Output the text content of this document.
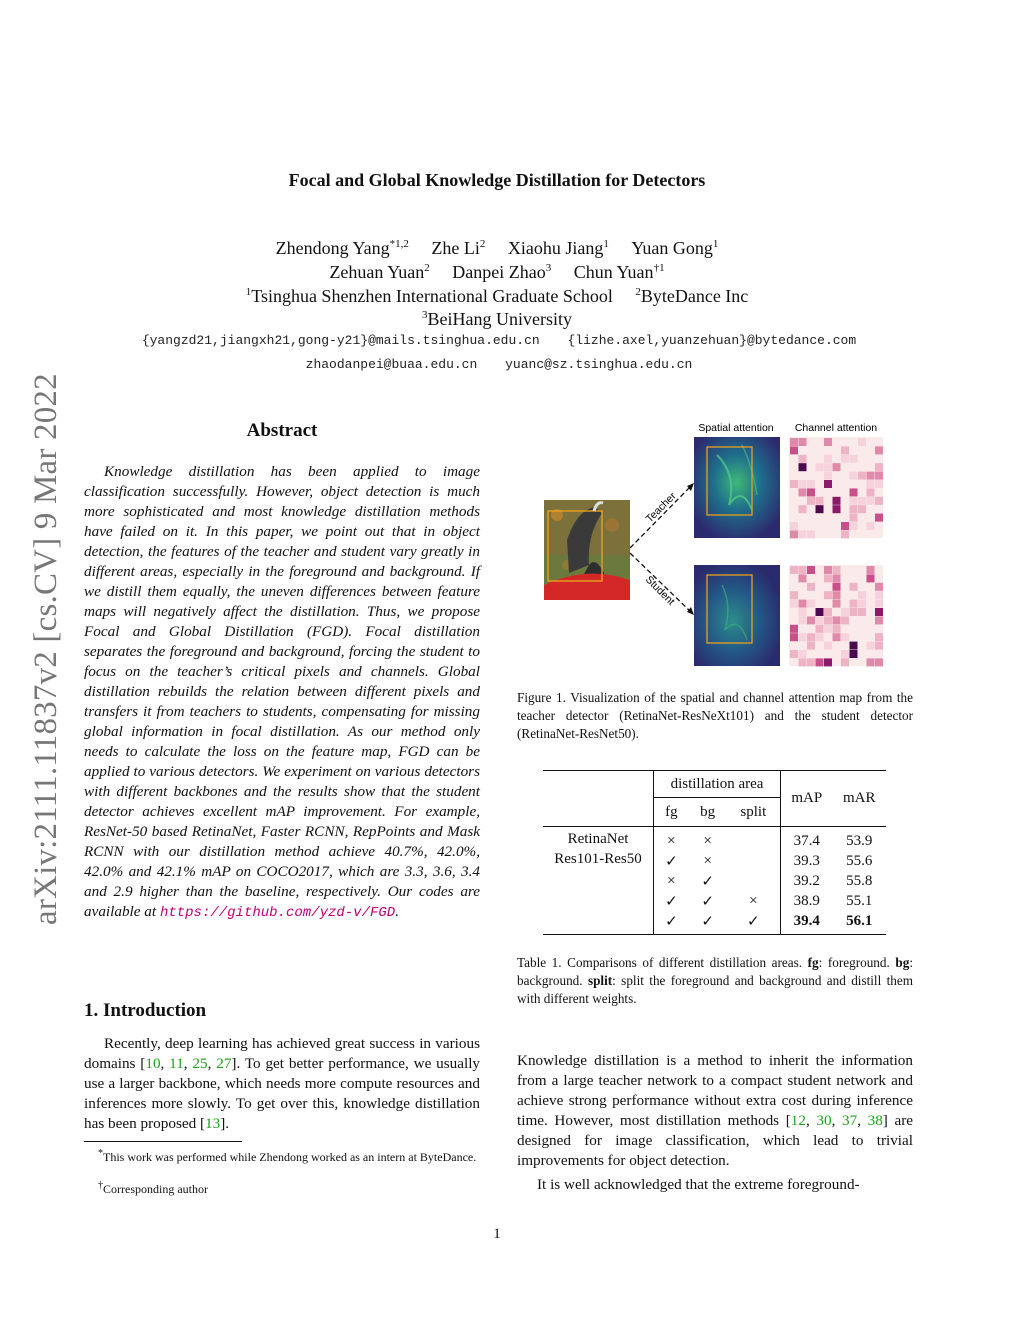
Focal and Global Knowledge Distillation for Detectors
Zhendong Yang$^{*1,2}$ Zhe Li$^2$ Xiaohu Jiang$^1$ Yuan Gong$^1$
Zehuan Yuan$^2$ Danpei Zhao$^3$ Chun Yuan$^{\dagger 1}$
$^1$Tsinghua Shenzhen International Graduate School $^2$ByteDance Inc
$^3$BeiHang University
{yangzd21,jiangxh21,gong-y21}@mails.tsinghua.edu.cn {lizhe.axel,yuanzehuan}@bytedance.com
zhaodanpei@buaa.edu.cn yuanc@sz.tsinghua.edu.cn
arXiv:2111.11837v2 [cs.CV] 9 Mar 2022	Abstract
Knowledge distillation has been applied to image classification successfully. However, object detection is much more sophisticated and most knowledge distillation methods have failed on it. In this paper, we point out that in object detection, the features of the teacher and student vary greatly in different areas, especially in the foreground and background. If we distill them equally, the uneven differences between feature maps will negatively affect the distillation. Thus, we propose Focal and Global Distillation (FGD). Focal distillation separates the foreground and background, forcing the student to focus on the teacher’s critical pixels and channels. Global distillation rebuilds the relation between different pixels and transfers it from teachers to students, compensating for missing global information in focal distillation. As our method only needs to calculate the loss on the feature map, FGD can be applied to various detectors. We experiment on various detectors with different backbones and the results show that the student detector achieves excellent mAP improvement. For example, ResNet-50 based RetinaNet, Faster RCNN, RepPoints and Mask RCNN with our distillation method achieve 40.7%, 42.0%, 42.0% and 42.1% mAP on COCO2017, which are 3.3, 3.6, 3.4 and 2.9 higher than the baseline, respectively. Our codes are available at https://github.com/yzd-v/FGD.
1. Introduction
Recently, deep learning has achieved great success in various domains [10, 11, 25, 27]. To get better performance, we usually use a larger backbone, which needs more compute resources and inferences more slowly. To get over this, knowledge distillation has been proposed [13].
*This work was performed while Zhendong worked as an intern at ByteDance.
†Corresponding author
Teacher
Student
Spatial attention Channel attention
Figure 1. Visualization of the spatial and channel attention map from the teacher detector (RetinaNet-ResNeXt101) and the student detector (RetinaNet-ResNet50).
	distillation area			mAP	mAR
	fg	bg	split		
RetinaNet
Res101-Res50	×	×		37.4	53.9
	✓	×		39.3	55.6
	×	✓		39.2	55.8
	✓	✓	×	38.9	55.1
	✓	✓	✓	39.4	56.1
Table 1. Comparisons of different distillation areas. fg: foreground. bg: background. split: split the foreground and background and distill them with different weights.
Knowledge distillation is a method to inherit the information from a large teacher network to a compact student network and achieve strong performance without extra cost during inference time. However, most distillation methods [12, 30, 37, 38] are designed for image classification, which lead to trivial improvements for object detection.
It is well acknowledged that the extreme foreground-
1
